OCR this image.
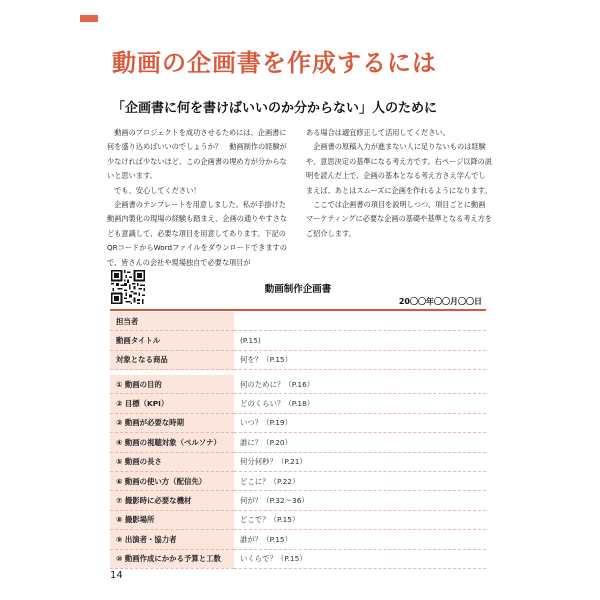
動画の企画書を作成するには
「企画書に何を書けばいいのか分からない」人のために

動画のプロジェクトを成功させるためには、企画書に何を盛り込めばいいのでしょうか？　動画制作の経験が少なければ少ないほど、この企画書の埋め方が分からないと思います。

でも、安心してください！

企画書のテンプレートを用意しました。私が手掛けた動画内製化の現場の経験も踏まえ、企画の通りやすさなども意識して、必要な項目を用意してあります。下記のQRコードからWordファイルをダウンロードできますので、皆さんの会社や現場独自で必要な項目が

ある場合は適宜修正して活用してください。

企画書の原稿入力が進まない人に足りないものは経験や、意思決定の基準になる考え方です。右ページ以降の説明を読んだ上で、企画の基本となる考え方さえ学んでしまえば、あとはスムーズに企画を作れるようになります。

ここでは企画書の項目を説明しつつ、項目ごとに動画マーケティングに必要な企画の基礎や基準となる考え方をご紹介します。

動画制作企画書
20〇〇年〇〇月〇〇日
担当者	
動画タイトル	(P.15)
対象となる商品	何を？（P.15）
① 動画の目的	何のために？（P.16）
② 目標（KPI）	どのくらい？（P.18）
③ 動画が必要な時期	いつ？（P.19）
④ 動画の視聴対象（ペルソナ）	誰に？（P.20）
⑤ 動画の長さ	何分何秒？（P.21）
⑥ 動画の使い方（配信先）	どこに？（P.22）
⑦ 撮影時に必要な機材	何が？（P.32〜36）
⑧ 撮影場所	どこで？（P.15）
⑨ 出演者・協力者	誰が？（P.15）
⑩ 動画作成にかかる予算と工数	いくらで？（P.15）
14
